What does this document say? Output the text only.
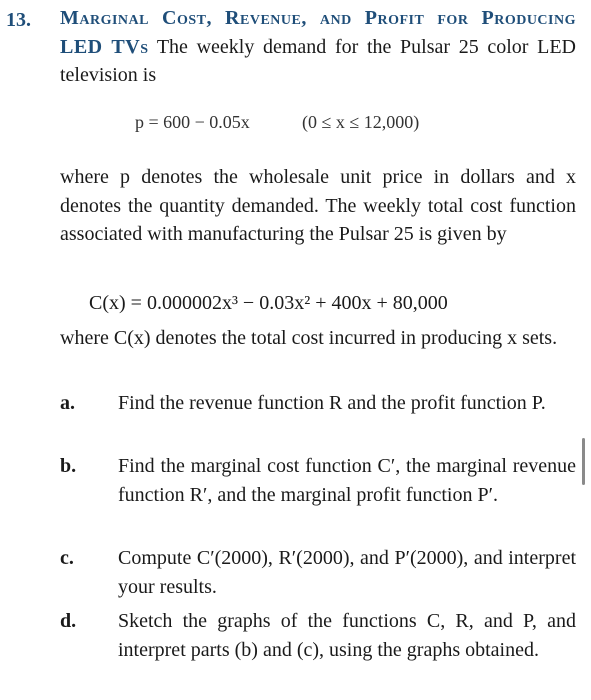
13. Marginal Cost, Revenue, and Profit for Producing LED TVs The weekly demand for the Pulsar 25 color LED television is
p = 600 − 0.05x	(0 ≤ x ≤ 12,000)
where p denotes the wholesale unit price in dollars and x denotes the quantity demanded. The weekly total cost function associated with manufacturing the Pulsar 25 is given by
C(x) = 0.000002x³ − 0.03x² + 400x + 80,000
where C(x) denotes the total cost incurred in producing x sets.
a. Find the revenue function R and the profit function P.
b. Find the marginal cost function C′, the marginal revenue function R′, and the marginal profit function P′.
c. Compute C′(2000), R′(2000), and P′(2000), and interpret your results.
d. Sketch the graphs of the functions C, R, and P, and interpret parts (b) and (c), using the graphs obtained.
